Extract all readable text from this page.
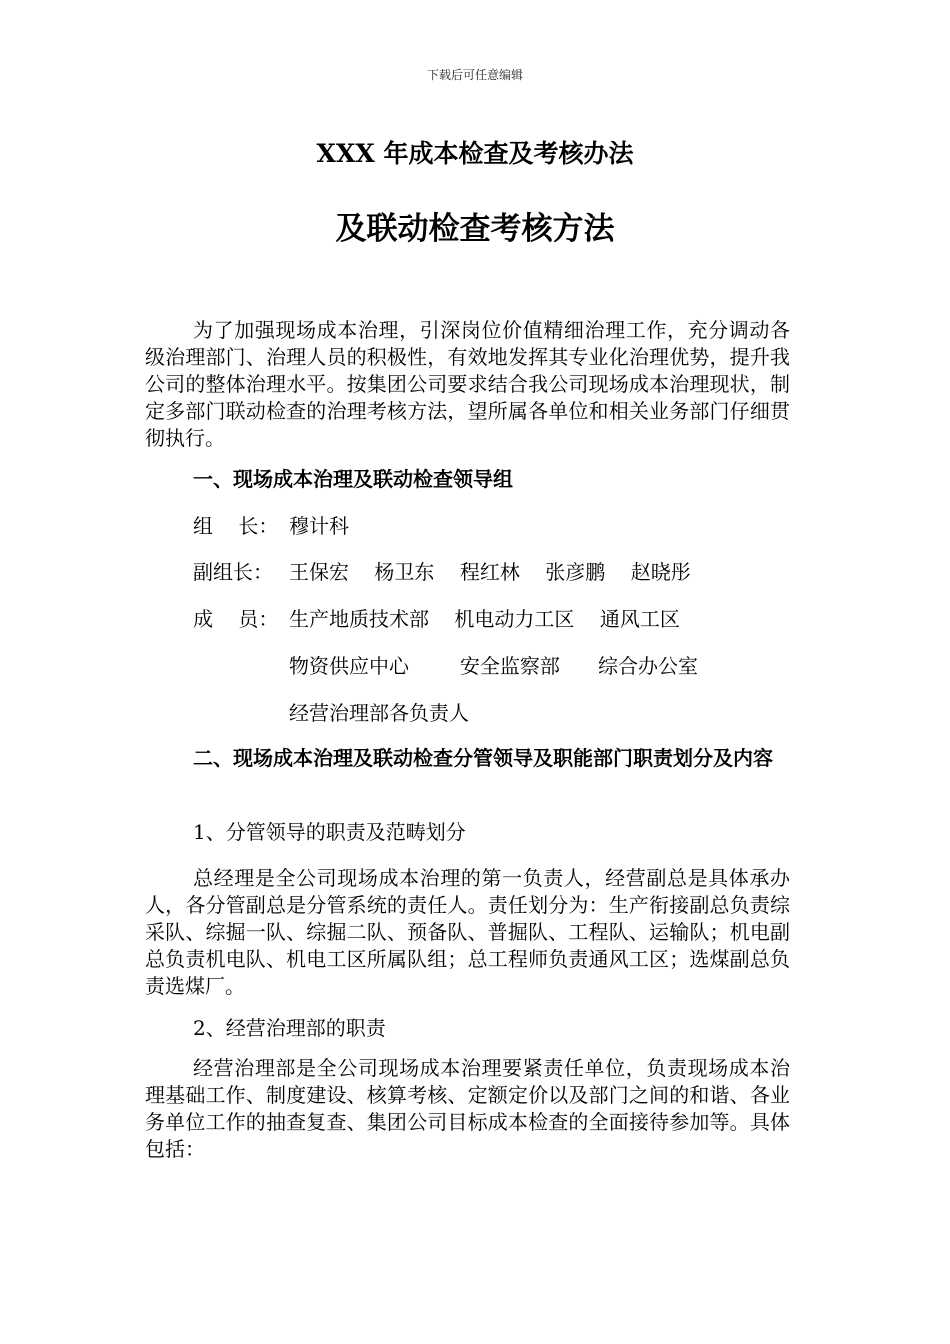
下载后可任意编辑
XXX 年成本检查及考核办法
及联动检查考核方法
为了加强现场成本治理，引深岗位价值精细治理工作，充分调动各级治理部门、治理人员的积极性，有效地发挥其专业化治理优势，提升我公司的整体治理水平。按集团公司要求结合我公司现场成本治理现状，制定多部门联动检查的治理考核方法，望所属各单位和相关业务部门仔细贯彻执行。
一、现场成本治理及联动检查领导组
组    长： 穆计科
副组长： 王保宏    杨卫东    程红林    张彦鹏    赵晓彤
成    员： 生产地质技术部    机电动力工区    通风工区
物资供应中心        安全监察部      综合办公室
经营治理部各负责人
二、现场成本治理及联动检查分管领导及职能部门职责划分及内容
1、分管领导的职责及范畴划分
总经理是全公司现场成本治理的第一负责人，经营副总是具体承办人，各分管副总是分管系统的责任人。责任划分为：生产衔接副总负责综采队、综掘一队、综掘二队、预备队、普掘队、工程队、运输队；机电副总负责机电队、机电工区所属队组；总工程师负责通风工区；选煤副总负责选煤厂。
2、经营治理部的职责
经营治理部是全公司现场成本治理要紧责任单位，负责现场成本治理基础工作、制度建设、核算考核、定额定价以及部门之间的和谐、各业务单位工作的抽查复查、集团公司目标成本检查的全面接待参加等。具体包括：
